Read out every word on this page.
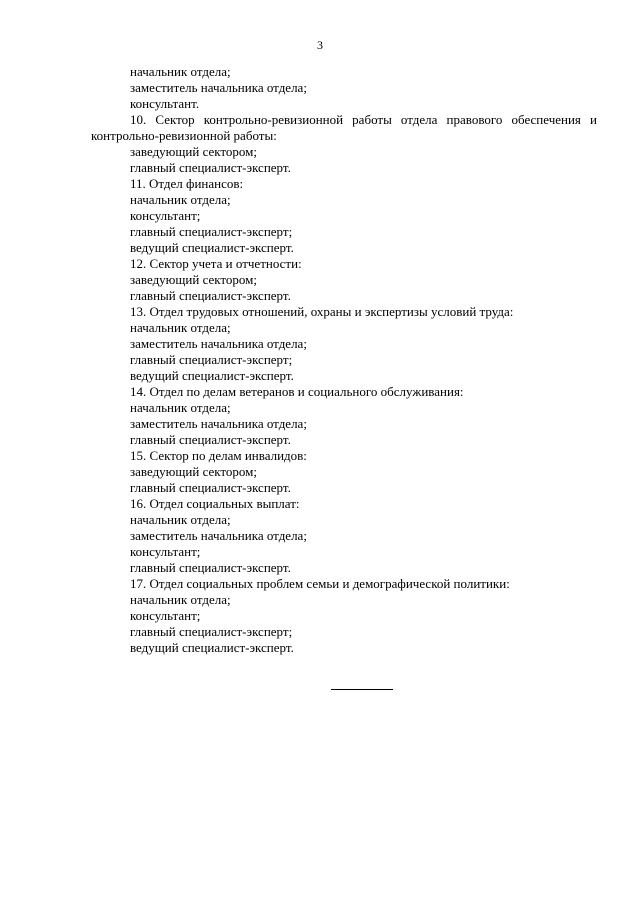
3
начальник отдела;
заместитель начальника отдела;
консультант.
10. Сектор контрольно-ревизионной работы отдела правового обеспечения и контрольно-ревизионной работы:
заведующий сектором;
главный специалист-эксперт.
11. Отдел финансов:
начальник отдела;
консультант;
главный специалист-эксперт;
ведущий специалист-эксперт.
12. Сектор учета и отчетности:
заведующий сектором;
главный специалист-эксперт.
13. Отдел трудовых отношений, охраны и экспертизы условий труда:
начальник отдела;
заместитель начальника отдела;
главный специалист-эксперт;
ведущий специалист-эксперт.
14. Отдел по делам ветеранов и социального обслуживания:
начальник отдела;
заместитель начальника отдела;
главный специалист-эксперт.
15. Сектор по делам инвалидов:
заведующий сектором;
главный специалист-эксперт.
16. Отдел социальных выплат:
начальник отдела;
заместитель начальника отдела;
консультант;
главный специалист-эксперт.
17. Отдел социальных проблем семьи и демографической политики:
начальник отдела;
консультант;
главный специалист-эксперт;
ведущий специалист-эксперт.
